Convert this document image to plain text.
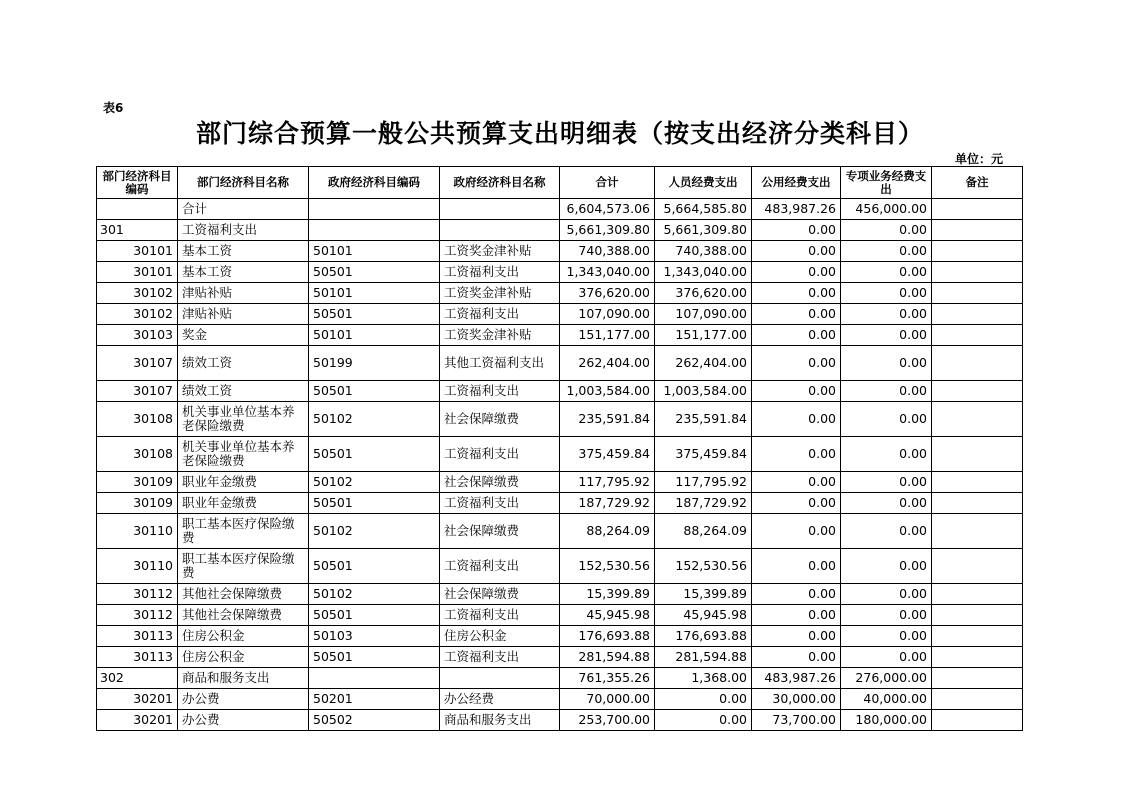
表6
部门综合预算一般公共预算支出明细表（按支出经济分类科目）
单位：元
部门经济科目编码	部门经济科目名称	政府经济科目编码	政府经济科目名称	合计	人员经费支出	公用经费支出	专项业务经费支出	备注
	合计			6,604,573.06	5,664,585.80	483,987.26	456,000.00	
301	工资福利支出			5,661,309.80	5,661,309.80	0.00	0.00	
30101	基本工资	50101	工资奖金津补贴	740,388.00	740,388.00	0.00	0.00	
30101	基本工资	50501	工资福利支出	1,343,040.00	1,343,040.00	0.00	0.00	
30102	津贴补贴	50101	工资奖金津补贴	376,620.00	376,620.00	0.00	0.00	
30102	津贴补贴	50501	工资福利支出	107,090.00	107,090.00	0.00	0.00	
30103	奖金	50101	工资奖金津补贴	151,177.00	151,177.00	0.00	0.00	
30107	绩效工资	50199	其他工资福利支出	262,404.00	262,404.00	0.00	0.00	
30107	绩效工资	50501	工资福利支出	1,003,584.00	1,003,584.00	0.00	0.00	
30108	机关事业单位基本养老保险缴费	50102	社会保障缴费	235,591.84	235,591.84	0.00	0.00	
30108	机关事业单位基本养老保险缴费	50501	工资福利支出	375,459.84	375,459.84	0.00	0.00	
30109	职业年金缴费	50102	社会保障缴费	117,795.92	117,795.92	0.00	0.00	
30109	职业年金缴费	50501	工资福利支出	187,729.92	187,729.92	0.00	0.00	
30110	职工基本医疗保险缴费	50102	社会保障缴费	88,264.09	88,264.09	0.00	0.00	
30110	职工基本医疗保险缴费	50501	工资福利支出	152,530.56	152,530.56	0.00	0.00	
30112	其他社会保障缴费	50102	社会保障缴费	15,399.89	15,399.89	0.00	0.00	
30112	其他社会保障缴费	50501	工资福利支出	45,945.98	45,945.98	0.00	0.00	
30113	住房公积金	50103	住房公积金	176,693.88	176,693.88	0.00	0.00	
30113	住房公积金	50501	工资福利支出	281,594.88	281,594.88	0.00	0.00	
302	商品和服务支出			761,355.26	1,368.00	483,987.26	276,000.00	
30201	办公费	50201	办公经费	70,000.00	0.00	30,000.00	40,000.00	
30201	办公费	50502	商品和服务支出	253,700.00	0.00	73,700.00	180,000.00	
